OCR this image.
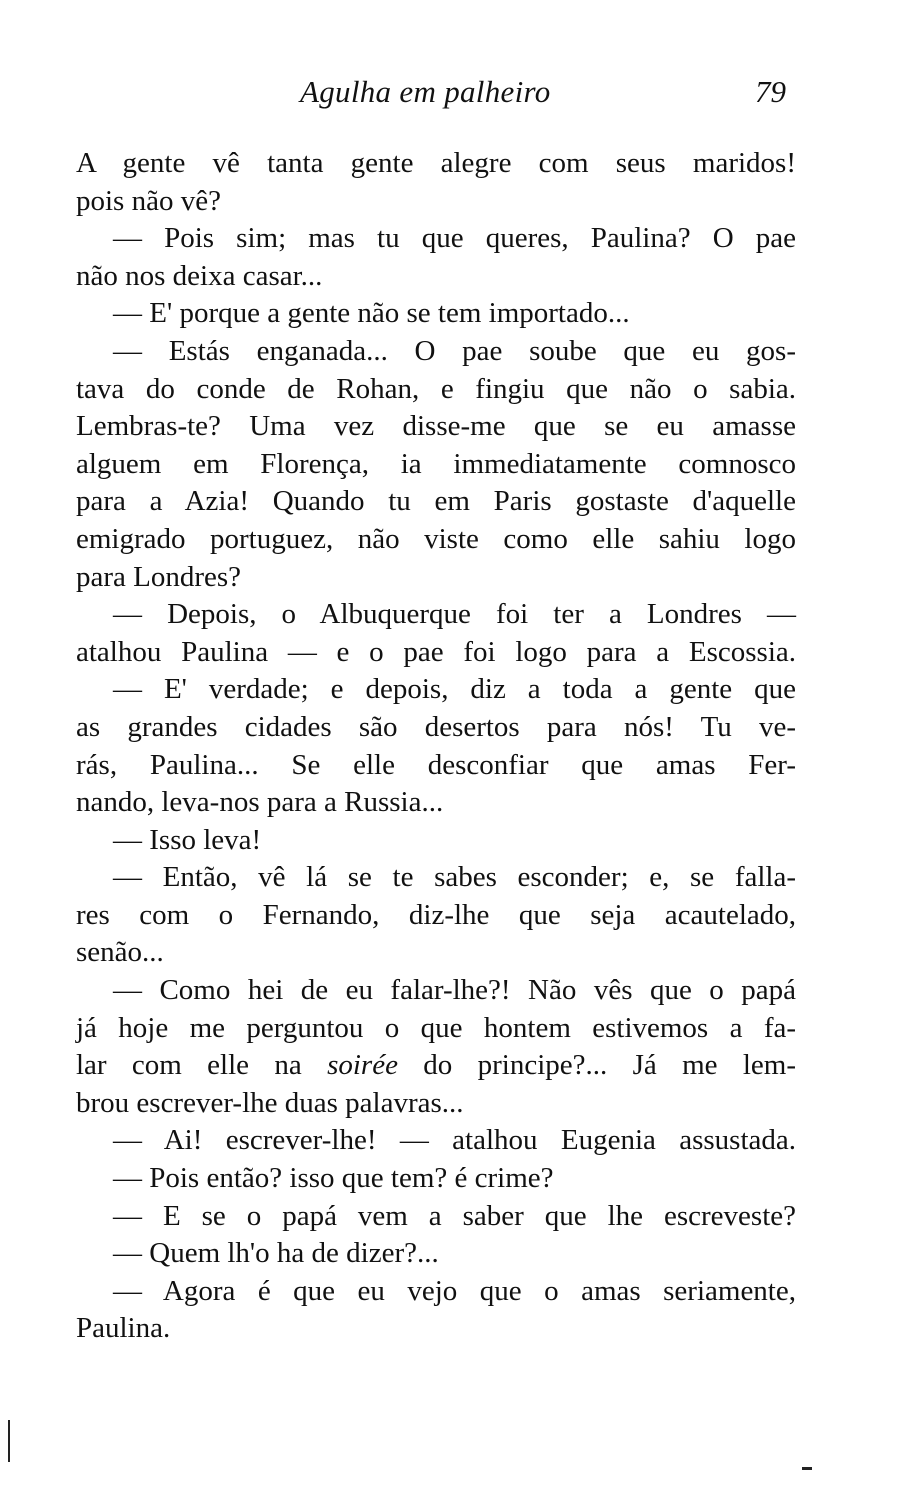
Agulha em palheiro	79
A gente vê tanta gente alegre com seus maridos!
pois não vê?
— Pois sim; mas tu que queres, Paulina? O pae
não nos deixa casar...
— E' porque a gente não se tem importado...
— Estás enganada... O pae soube que eu gos-
tava do conde de Rohan, e fingiu que não o sabia.
Lembras-te? Uma vez disse-me que se eu amasse
alguem em Florença, ia immediatamente comnosco
para a Azia! Quando tu em Paris gostaste d'aquelle
emigrado portuguez, não viste como elle sahiu logo
para Londres?
— Depois, o Albuquerque foi ter a Londres —
atalhou Paulina — e o pae foi logo para a Escossia.
— E' verdade; e depois, diz a toda a gente que
as grandes cidades são desertos para nós! Tu ve-
rás, Paulina... Se elle desconfiar que amas Fer-
nando, leva-nos para a Russia...
— Isso leva!
— Então, vê lá se te sabes esconder; e, se falla-
res com o Fernando, diz-lhe que seja acautelado,
senão...
— Como hei de eu falar-lhe?! Não vês que o papá
já hoje me perguntou o que hontem estivemos a fa-
lar com elle na soirée do principe?... Já me lem-
brou escrever-lhe duas palavras...
— Ai! escrever-lhe! — atalhou Eugenia assustada.
— Pois então? isso que tem? é crime?
— E se o papá vem a saber que lhe escreveste?
— Quem lh'o ha de dizer?...
— Agora é que eu vejo que o amas seriamente,
Paulina.
